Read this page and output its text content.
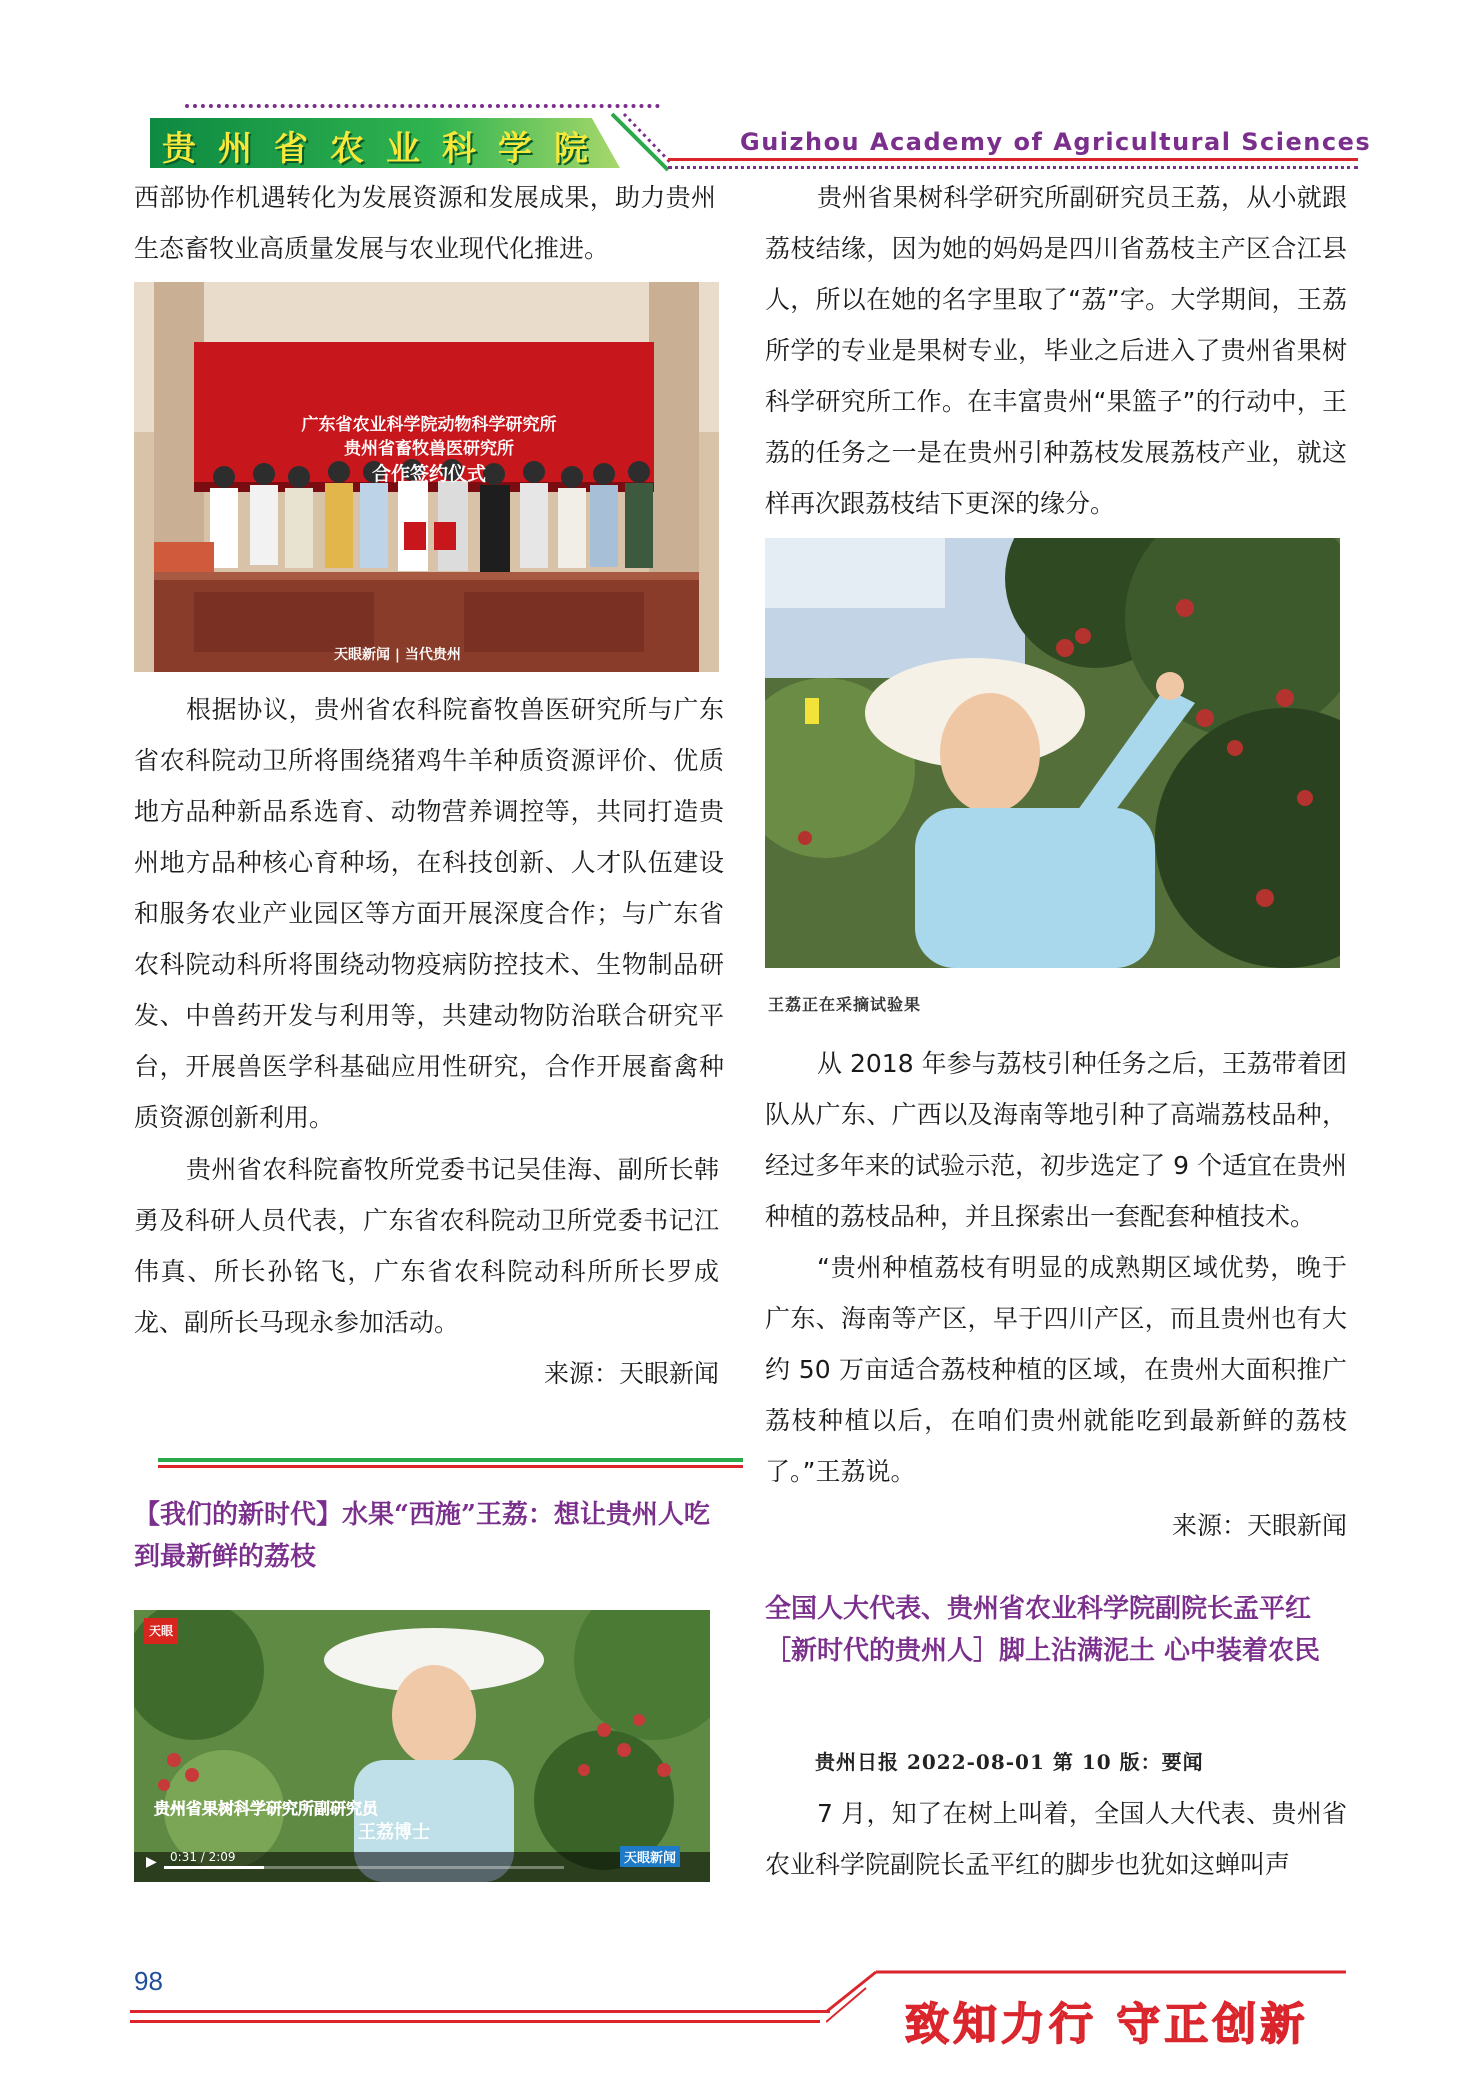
贵州省农业科学院	Guizhou Academy of Agricultural Sciences

西部协作机遇转化为发展资源和发展成果，助力贵州生态畜牧业高质量发展与农业现代化推进。

广东省农业科学院动物科学研究所
贵州省畜牧兽医研究所
合作签约仪式
天眼新闻 | 当代贵州

根据协议，贵州省农科院畜牧兽医研究所与广东省农科院动卫所将围绕猪鸡牛羊种质资源评价、优质地方品种新品系选育、动物营养调控等，共同打造贵州地方品种核心育种场，在科技创新、人才队伍建设和服务农业产业园区等方面开展深度合作；与广东省农科院动科所将围绕动物疫病防控技术、生物制品研发、中兽药开发与利用等，共建动物防治联合研究平台，开展兽医学科基础应用性研究，合作开展畜禽种质资源创新利用。

贵州省农科院畜牧所党委书记吴佳海、副所长韩勇及科研人员代表，广东省农科院动卫所党委书记江伟真、所长孙铭飞，广东省农科院动科所所长罗成龙、副所长马现永参加活动。

来源：天眼新闻
【我们的新时代】水果“西施”王荔：想让贵州人吃到最新鲜的荔枝
天眼
贵州省果树科学研究所副研究员
王荔博士
▶ 0:31 / 2:09	天眼新闻

贵州省果树科学研究所副研究员王荔，从小就跟荔枝结缘，因为她的妈妈是四川省荔枝主产区合江县人，所以在她的名字里取了“荔”字。大学期间，王荔所学的专业是果树专业，毕业之后进入了贵州省果树科学研究所工作。在丰富贵州“果篮子”的行动中，王荔的任务之一是在贵州引种荔枝发展荔枝产业，就这样再次跟荔枝结下更深的缘分。

王荔正在采摘试验果

从 2018 年参与荔枝引种任务之后，王荔带着团队从广东、广西以及海南等地引种了高端荔枝品种，经过多年来的试验示范，初步选定了 9 个适宜在贵州种植的荔枝品种，并且探索出一套配套种植技术。

“贵州种植荔枝有明显的成熟期区域优势，晚于广东、海南等产区，早于四川产区，而且贵州也有大约 50 万亩适合荔枝种植的区域，在贵州大面积推广荔枝种植以后，在咱们贵州就能吃到最新鲜的荔枝了。”王荔说。

来源：天眼新闻
全国人大代表、贵州省农业科学院副院长孟平红 ［新时代的贵州人］脚上沾满泥土 心中装着农民
贵州日报 2022-08-01 第 10 版：要闻

7 月，知了在树上叫着，全国人大代表、贵州省农业科学院副院长孟平红的脚步也犹如这蝉叫声

98
致知力行 守正创新
